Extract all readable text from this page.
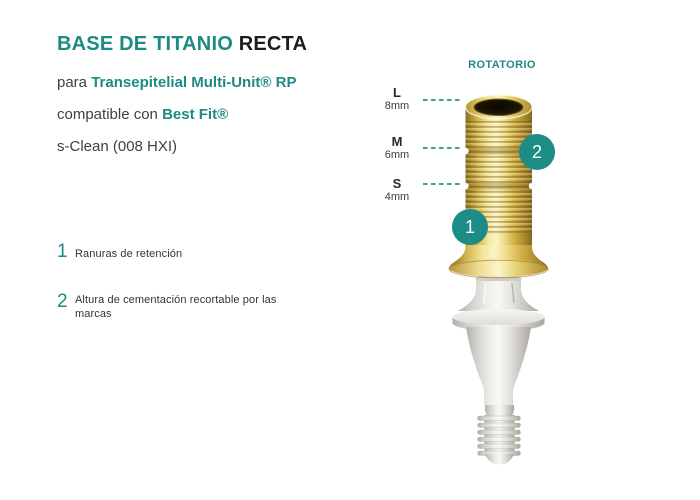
BASE DE TITANIO RECTA
para Transepitelial Multi-Unit® RP
compatible con Best Fit®
s-Clean (008 HXI)
1 Ranuras de retención
2 Altura de cementación recortable por las marcas
ROTATORIO
L
8mm
M
6mm
S
4mm
1
2
